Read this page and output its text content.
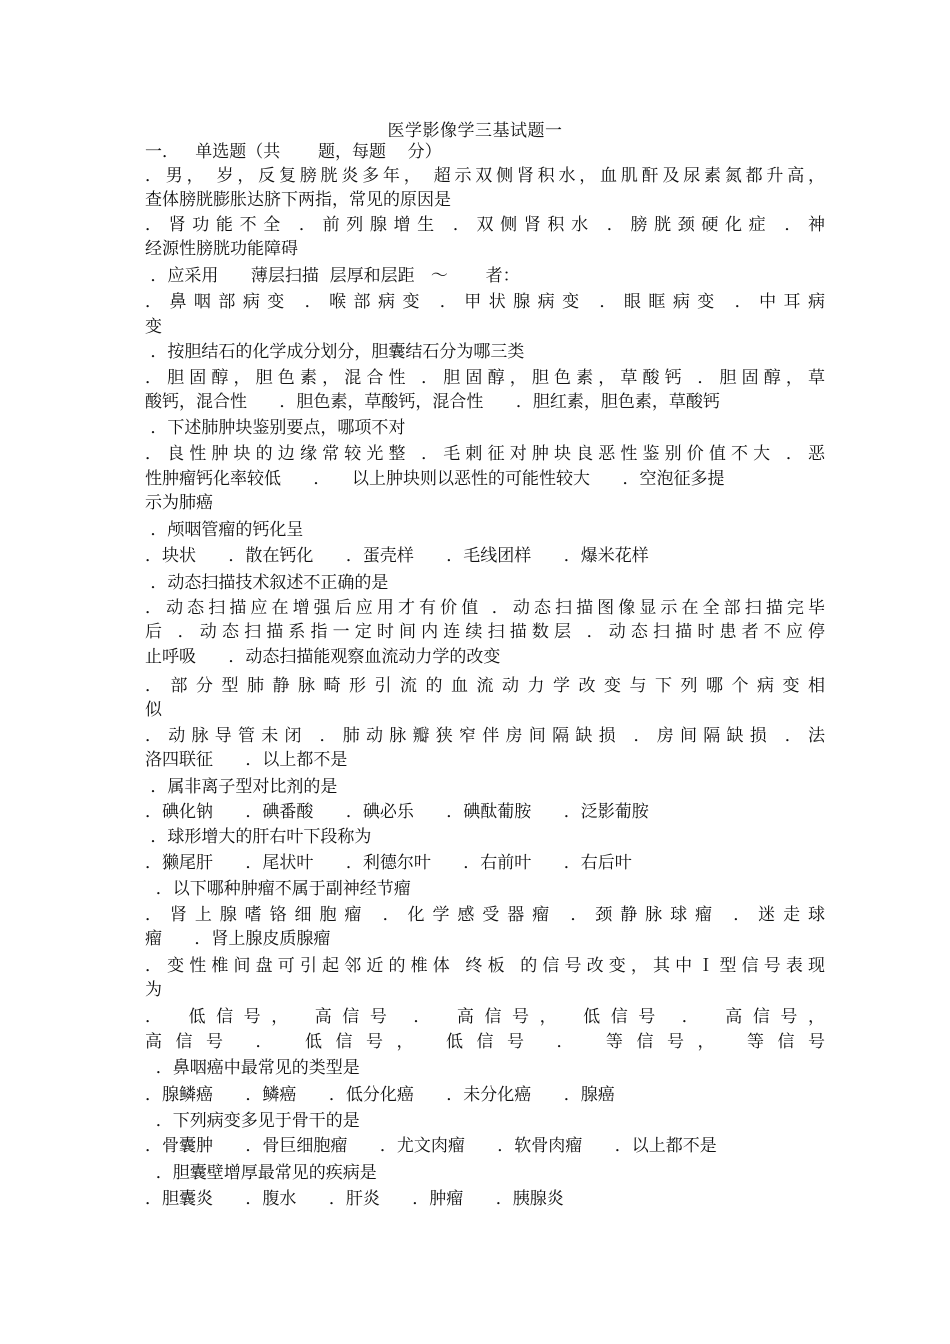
医学影像学三基试题一
一．   单选题（共       题，每题    分）
．男， 岁，反复膀胱炎多年， 超示双侧肾积水，血肌酐及尿素氮都升高，
查体膀胱膨胀达脐下两指，常见的原因是
．肾功能不全 ．前列腺增生 ．双侧肾积水 ．膀胱颈硬化症 ．神
经源性膀胱功能障碍
．应采用      薄层扫描  层厚和层距   ～       者：
．鼻咽部病变 ．喉部病变 ．甲状腺病变 ．眼眶病变 ．中耳病
变
．按胆结石的化学成分划分，胆囊结石分为哪三类
．胆固醇，胆色素，混合性 ．胆固醇，胆色素，草酸钙 ．胆固醇，草
酸钙，混合性      ．胆色素，草酸钙，混合性      ．胆红素，胆色素，草酸钙
．下述肺肿块鉴别要点，哪项不对
．良性肿块的边缘常较光整 ．毛刺征对肿块良恶性鉴别价值不大 ．恶
性肿瘤钙化率较低      ．    以上肿块则以恶性的可能性较大      ．空泡征多提
示为肺癌
．颅咽管瘤的钙化呈
．块状      ．散在钙化      ．蛋壳样      ．毛线团样      ．爆米花样
．动态扫描技术叙述不正确的是
．动态扫描应在增强后应用才有价值 ．动态扫描图像显示在全部扫描完毕
后 ．动态扫描系指一定时间内连续扫描数层 ．动态扫描时患者不应停
止呼吸      ．动态扫描能观察血流动力学的改变
．部分型肺静脉畸形引流的血流动力学改变与下列哪个病变相
似
．动脉导管未闭 ．肺动脉瓣狭窄伴房间隔缺损 ．房间隔缺损 ．法
洛四联征      ．以上都不是
．属非离子型对比剂的是
．碘化钠      ．碘番酸      ．碘必乐      ．碘酞葡胺      ．泛影葡胺
．球形增大的肝右叶下段称为
．獭尾肝      ．尾状叶      ．利德尔叶      ．右前叶      ．右后叶
．以下哪种肿瘤不属于副神经节瘤
．肾上腺嗜铬细胞瘤 ．化学感受器瘤 ．颈静脉球瘤 ．迷走球
瘤      ．肾上腺皮质腺瘤
．变性椎间盘可引起邻近的椎体 终板 的信号改变，其中Ｉ型信号表现
为
． 低信号， 高信号 ． 高信号， 低信号 ． 高信号，
高信号 ． 低信号， 低信号 ． 等信号， 等信号
．鼻咽癌中最常见的类型是
．腺鳞癌      ．鳞癌      ．低分化癌      ．未分化癌      ．腺癌
．下列病变多见于骨干的是
．骨囊肿      ．骨巨细胞瘤      ．尤文肉瘤      ．软骨肉瘤      ．以上都不是
．胆囊壁增厚最常见的疾病是
．胆囊炎      ．腹水      ．肝炎      ．肿瘤      ．胰腺炎
